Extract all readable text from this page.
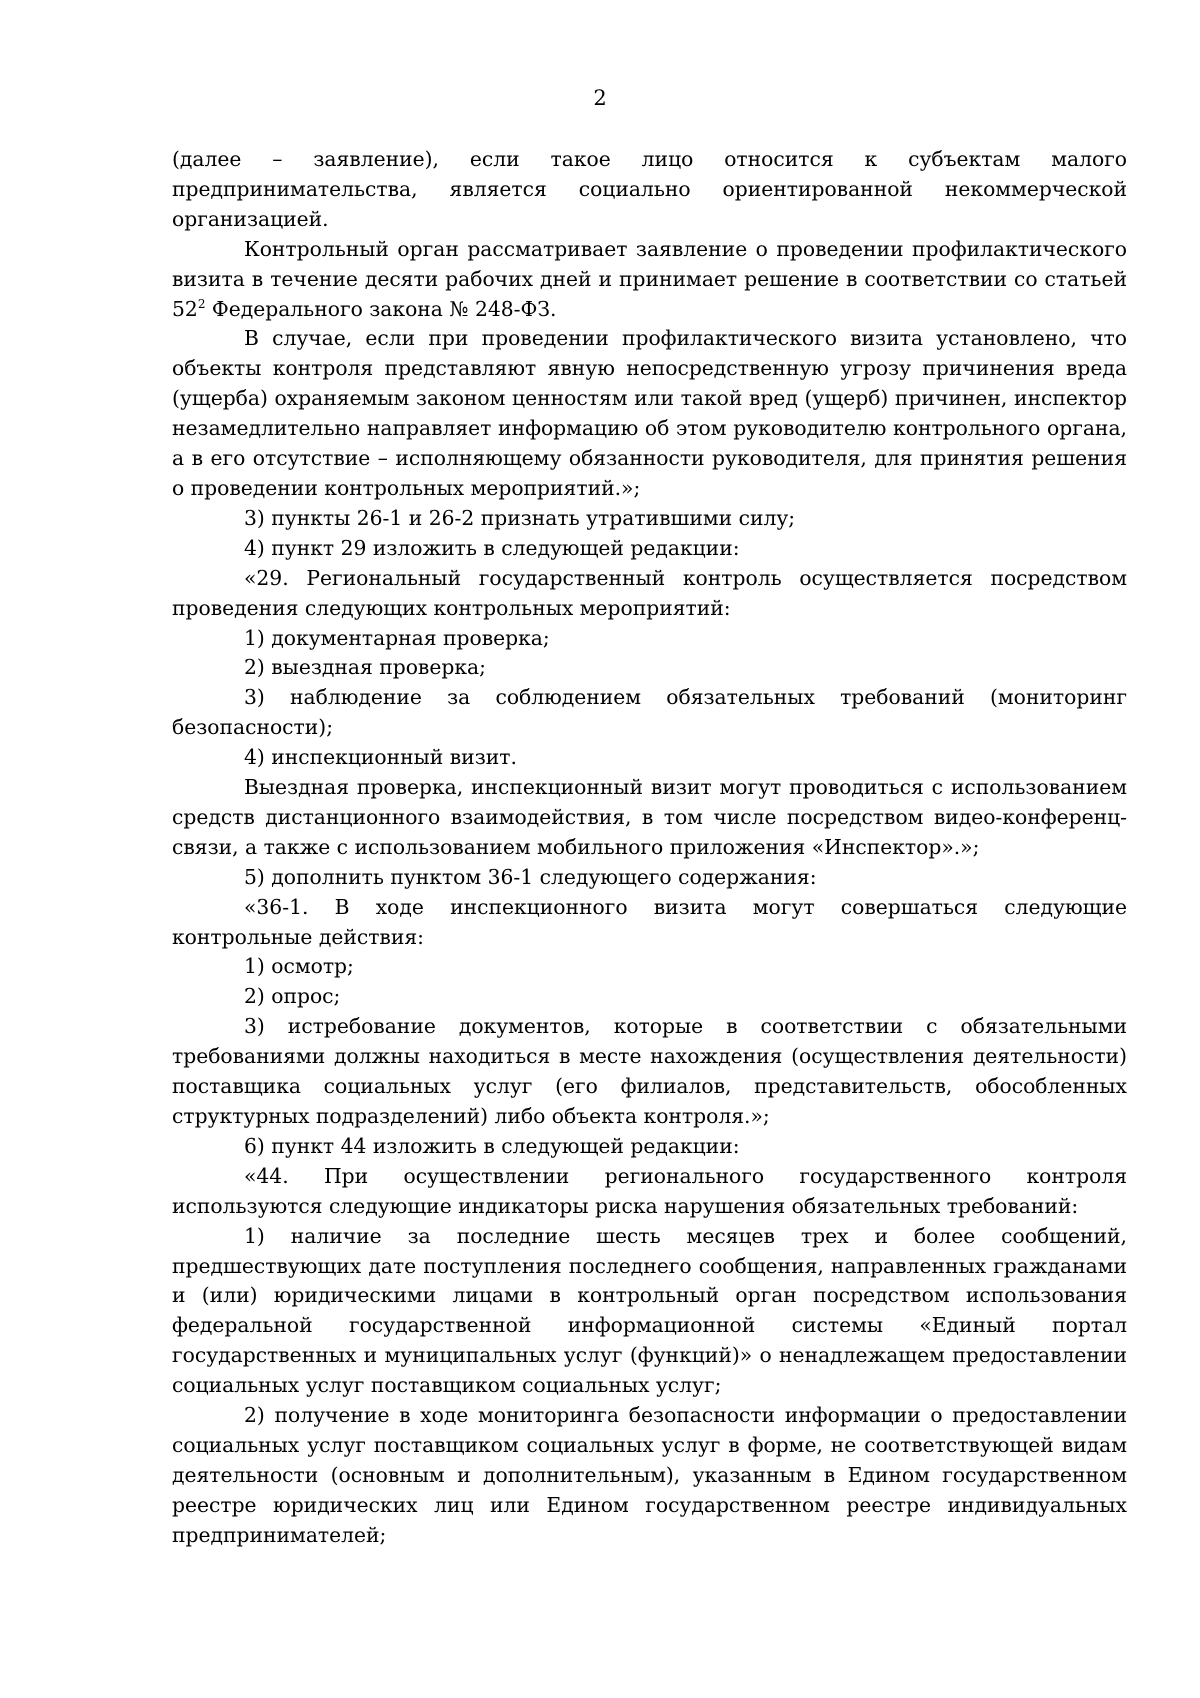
2

(далее – заявление), если такое лицо относится к субъектам малого предпринимательства, является социально ориентированной некоммерческой организацией.

Контрольный орган рассматривает заявление о проведении профилактического визита в течение десяти рабочих дней и принимает решение в соответствии со статьей $52^2$ Федерального закона № 248-ФЗ.

В случае, если при проведении профилактического визита установлено, что объекты контроля представляют явную непосредственную угрозу причинения вреда (ущерба) охраняемым законом ценностям или такой вред (ущерб) причинен, инспектор незамедлительно направляет информацию об этом руководителю контрольного органа, а в его отсутствие – исполняющему обязанности руководителя, для принятия решения о проведении контрольных мероприятий.»;

3) пункты 26-1 и 26-2 признать утратившими силу;

4) пункт 29 изложить в следующей редакции:

«29. Региональный государственный контроль осуществляется посредством проведения следующих контрольных мероприятий:

1) документарная проверка;

2) выездная проверка;

3) наблюдение за соблюдением обязательных требований (мониторинг безопасности);

4) инспекционный визит.

Выездная проверка, инспекционный визит могут проводиться с использованием средств дистанционного взаимодействия, в том числе посредством видео-конференц-связи, а также с использованием мобильного приложения «Инспектор».»;

5) дополнить пунктом 36-1 следующего содержания:

«36-1. В ходе инспекционного визита могут совершаться следующие контрольные действия:

1) осмотр;

2) опрос;

3) истребование документов, которые в соответствии с обязательными требованиями должны находиться в месте нахождения (осуществления деятельности) поставщика социальных услуг (его филиалов, представительств, обособленных структурных подразделений) либо объекта контроля.»;

6) пункт 44 изложить в следующей редакции:

«44. При осуществлении регионального государственного контроля используются следующие индикаторы риска нарушения обязательных требований:

1) наличие за последние шесть месяцев трех и более сообщений, предшествующих дате поступления последнего сообщения, направленных гражданами и (или) юридическими лицами в контрольный орган посредством использования федеральной государственной информационной системы «Единый портал государственных и муниципальных услуг (функций)» о ненадлежащем предоставлении социальных услуг поставщиком социальных услуг;

2) получение в ходе мониторинга безопасности информации о предоставлении социальных услуг поставщиком социальных услуг в форме, не соответствующей видам деятельности (основным и дополнительным), указанным в Едином государственном реестре юридических лиц или Едином государственном реестре индивидуальных предпринимателей;
